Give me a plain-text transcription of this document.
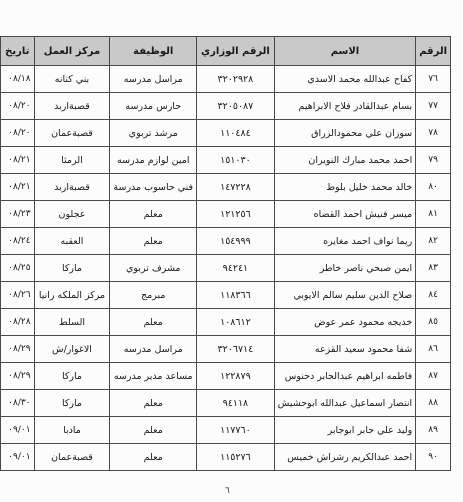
الرقم	الاسم	الرقم الوزاري	الوظيفة	مركز العمل	تاريخ
٧٦	كفاح عبدالله محمد الاسدي	٣٢٠٢٩٢٨	مراسل مدرسه	بني كنانه	٠٨/١٨
٧٧	بسام عبدالقادر فلاح الابراهيم	٣٢٠٥٠٨٧	حارس مدرسه	قصبةاربد	٠٨/٢٠
٧٨	سوزان علي محمودالزراق	١١٠٤٨٤	مرشد تربوي	قصبةعمان	٠٨/٢٠
٧٩	احمد محمد مبارك النويران	١٥١٠٣٠	امين لوازم مدرسه	الرمثا	٠٨/٢١
٨٠	خالد محمد خليل بلوط	١٤٧٢٢٨	فني حاسوب مدرسة	قصبةاربد	٠٨/٢١
٨١	ميسر فنيش احمد القضاه	١٢١٢٥٦	معلم	عجلون	٠٨/٢٣
٨٢	ريما نواف احمد مغايره	١٥٤٩٩٩	معلم	العقبه	٠٨/٢٤
٨٣	ايمن صبحي ناصر خاطر	٩٤٢٤١	مشرف تربوي	ماركا	٠٨/٢٥
٨٤	صلاح الدين سليم سالم الايوبي	١١٨٣٦٦	مبرمج	مركز الملكه رانيا	٠٨/٢٦
٨٥	خديجه محمود عمر عوض	١٠٨٦١٢	معلم	السلط	٠٨/٢٨
٨٦	شفا محمود سعيد القزعه	٣٢٠٦٧١٤	مراسل مدرسه	الاغوار/ش	٠٨/٢٩
٨٧	فاطمه ابراهيم عبدالجابر دحنوس	١٢٢٨٧٩	مساعد مدير مدرسه	ماركا	٠٨/٢٩
٨٨	انتصار اسماعيل عبدالله ابوحشيش	٩٤١١٨	معلم	ماركا	٠٨/٣٠
٨٩	وليد علي جابر ابوجابر	١١٧٧٦٠	معلم	مادبا	٠٩/٠١
٩٠	احمد عبدالكريم رشراش خميس	١١٥٢٧٦	معلم	قصبةعمان	٠٩/٠١
٦
